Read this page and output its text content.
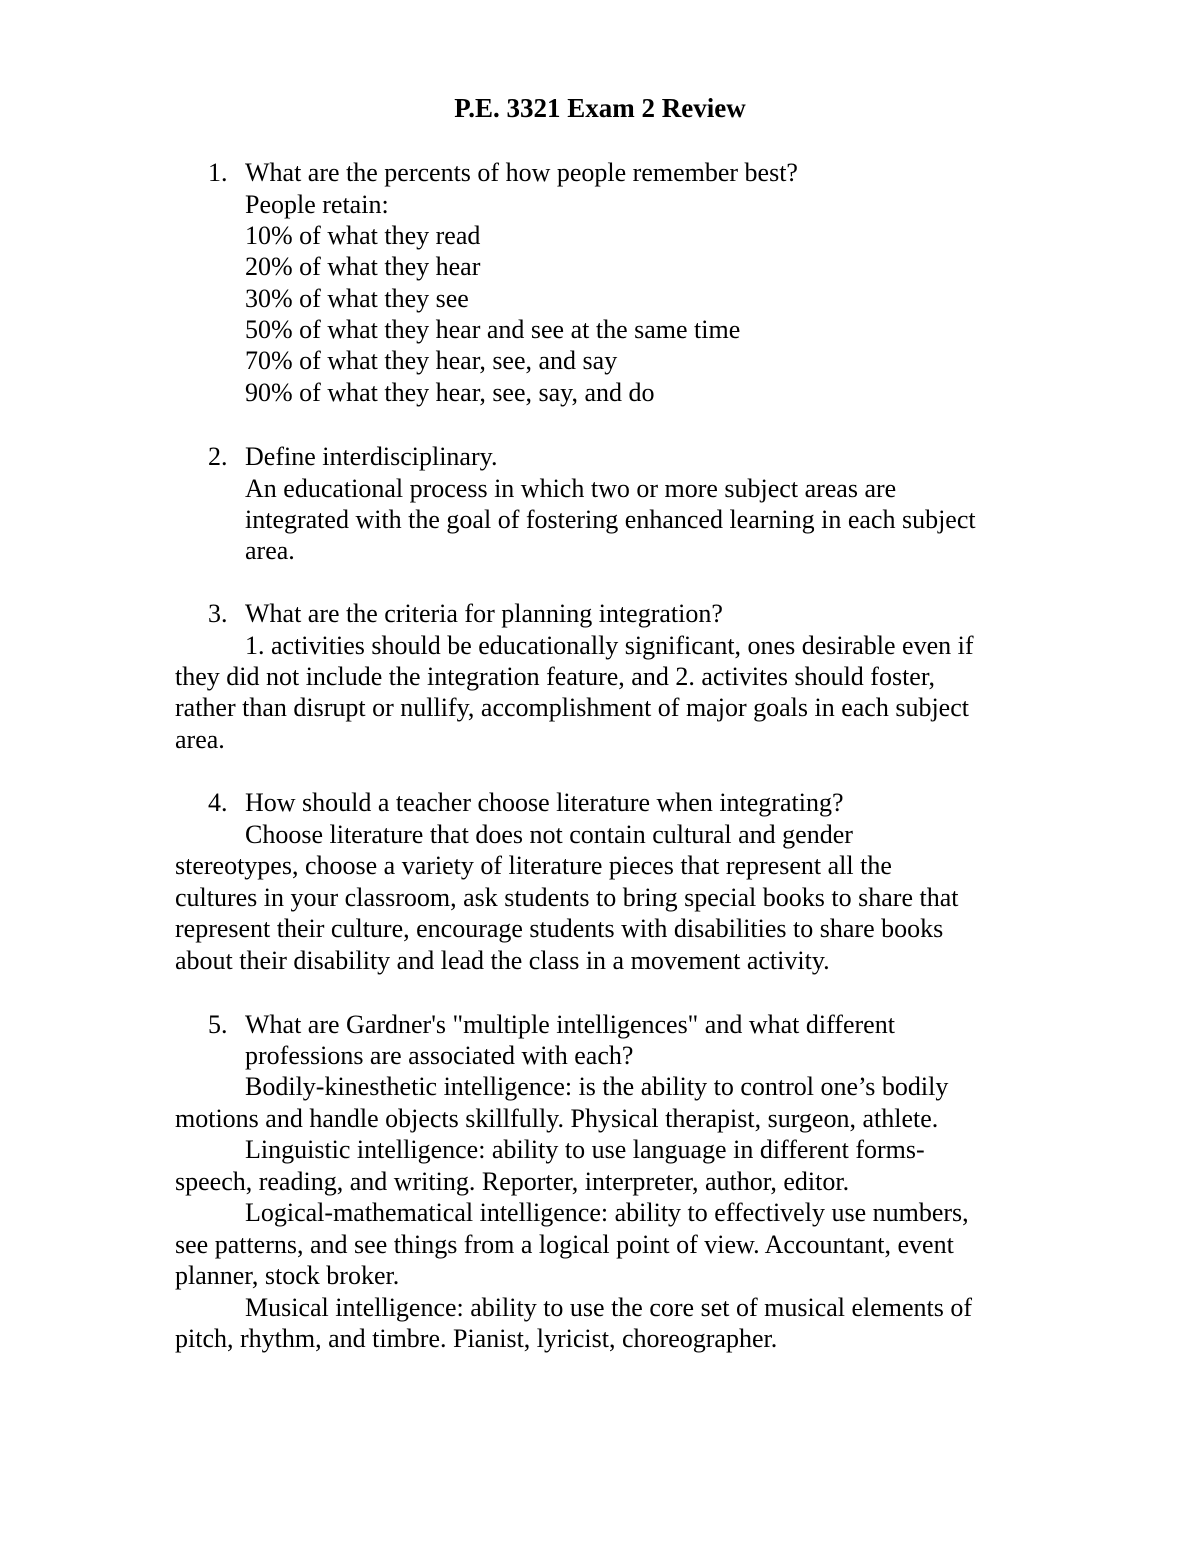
P.E. 3321 Exam 2 Review
1. What are the percents of how people remember best?
People retain:
10% of what they read
20% of what they hear
30% of what they see
50% of what they hear and see at the same time
70% of what they hear, see, and say
90% of what they hear, see, say, and do
2. Define interdisciplinary.
An educational process in which two or more subject areas are
integrated with the goal of fostering enhanced learning in each subject
area.
3. What are the criteria for planning integration?
1. activities should be educationally significant, ones desirable even if
they did not include the integration feature, and 2. activites should foster,
rather than disrupt or nullify, accomplishment of major goals in each subject
area.
4. How should a teacher choose literature when integrating?
Choose literature that does not contain cultural and gender
stereotypes, choose a variety of literature pieces that represent all the
cultures in your classroom, ask students to bring special books to share that
represent their culture, encourage students with disabilities to share books
about their disability and lead the class in a movement activity.
5. What are Gardner's "multiple intelligences" and what different
professions are associated with each?
Bodily-kinesthetic intelligence: is the ability to control one’s bodily
motions and handle objects skillfully. Physical therapist, surgeon, athlete.
Linguistic intelligence: ability to use language in different forms-
speech, reading, and writing. Reporter, interpreter, author, editor.
Logical-mathematical intelligence: ability to effectively use numbers,
see patterns, and see things from a logical point of view. Accountant, event
planner, stock broker.
Musical intelligence: ability to use the core set of musical elements of
pitch, rhythm, and timbre. Pianist, lyricist, choreographer.
